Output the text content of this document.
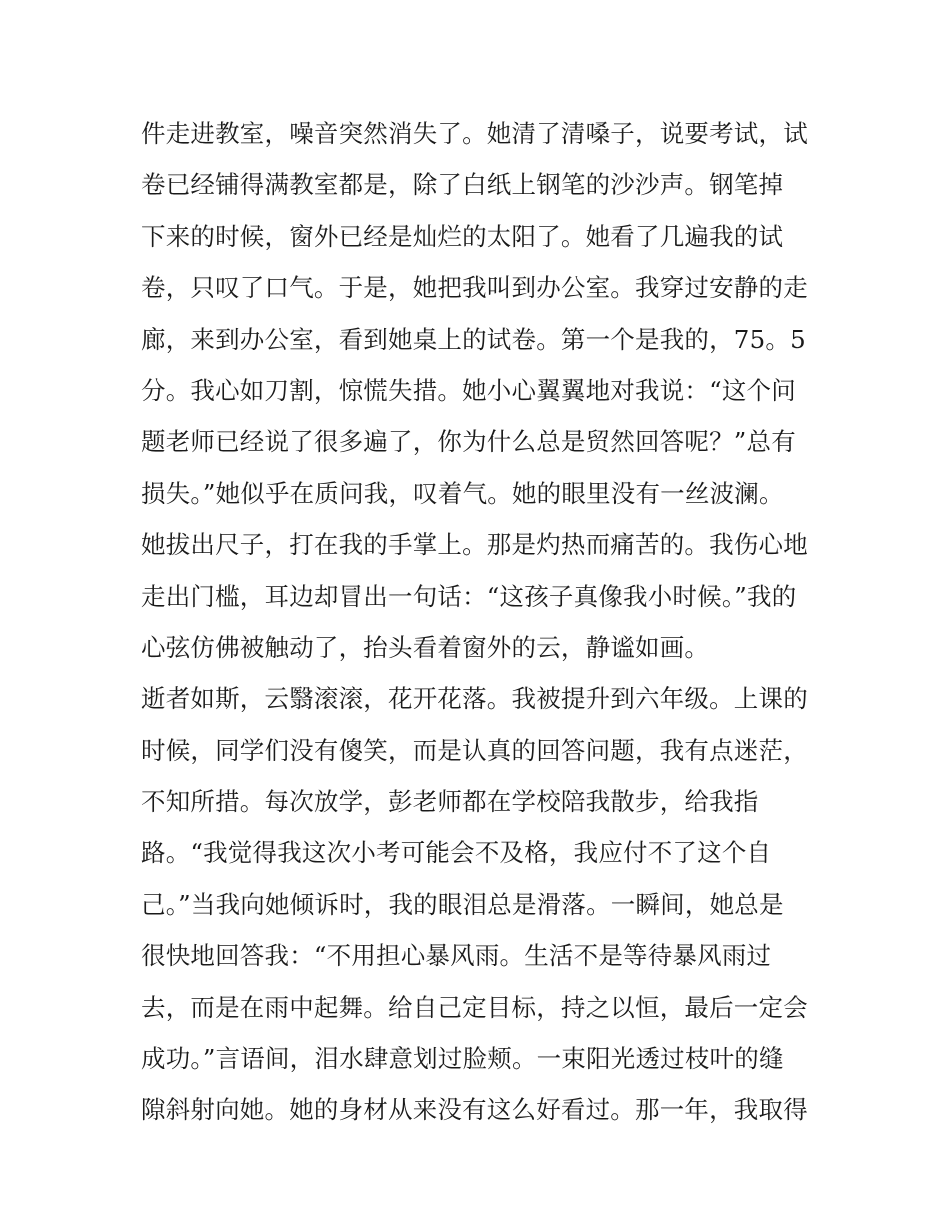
件走进教室，噪音突然消失了。她清了清嗓子，说要考试，试
卷已经铺得满教室都是，除了白纸上钢笔的沙沙声。钢笔掉
下来的时候，窗外已经是灿烂的太阳了。她看了几遍我的试
卷，只叹了口气。于是，她把我叫到办公室。我穿过安静的走
廊，来到办公室，看到她桌上的试卷。第一个是我的，75。5
分。我心如刀割，惊慌失措。她小心翼翼地对我说：“这个问
题老师已经说了很多遍了，你为什么总是贸然回答呢？”总有
损失。”她似乎在质问我，叹着气。她的眼里没有一丝波澜。
她拔出尺子，打在我的手掌上。那是灼热而痛苦的。我伤心地
走出门槛，耳边却冒出一句话：“这孩子真像我小时候。”我的
心弦仿佛被触动了，抬头看着窗外的云，静谧如画。
逝者如斯，云翳滚滚，花开花落。我被提升到六年级。上课的
时候，同学们没有傻笑，而是认真的回答问题，我有点迷茫，
不知所措。每次放学，彭老师都在学校陪我散步，给我指
路。“我觉得我这次小考可能会不及格，我应付不了这个自
己。”当我向她倾诉时，我的眼泪总是滑落。一瞬间，她总是
很快地回答我：“不用担心暴风雨。生活不是等待暴风雨过
去，而是在雨中起舞。给自己定目标，持之以恒，最后一定会
成功。”言语间，泪水肆意划过脸颊。一束阳光透过枝叶的缝
隙斜射向她。她的身材从来没有这么好看过。那一年，我取得
